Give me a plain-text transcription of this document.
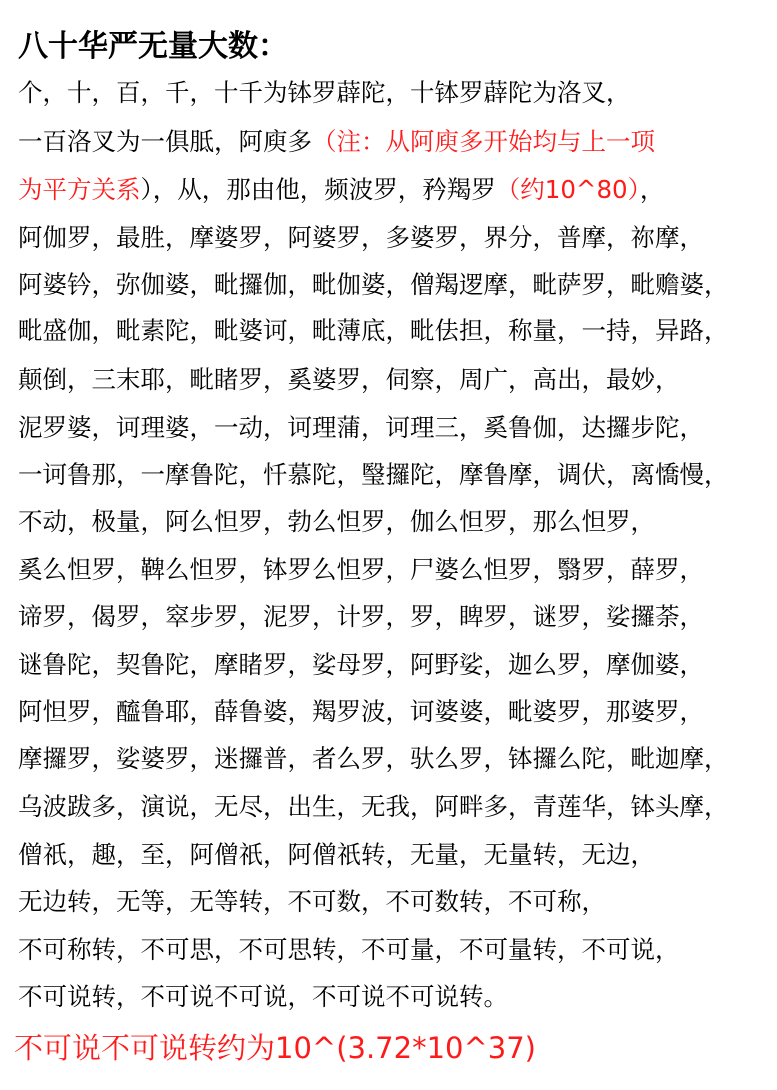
八十华严无量大数：
个，十，百，千，十千为钵罗薜陀，十钵罗薜陀为洛叉，
一百洛叉为一俱胝，阿庾多（注：从阿庾多开始均与上一项
为平方关系），从，那由他，频波罗，矜羯罗（约10^80），
阿伽罗，最胜，摩婆罗，阿婆罗，多婆罗，界分，普摩，祢摩，
阿婆钤，弥伽婆，毗攞伽，毗伽婆，僧羯逻摩，毗萨罗，毗赡婆，
毗盛伽，毗素陀，毗婆诃，毗薄底，毗佉担，称量，一持，异路，
颠倒，三末耶，毗睹罗，奚婆罗，伺察，周广，高出，最妙，
泥罗婆，诃理婆，一动，诃理蒲，诃理三，奚鲁伽，达攞步陀，
一诃鲁那，一摩鲁陀，忏慕陀，瑿攞陀，摩鲁摩，调伏，离憍慢，
不动，极量，阿么怛罗，勃么怛罗，伽么怛罗，那么怛罗，
奚么怛罗，鞞么怛罗，钵罗么怛罗，尸婆么怛罗，翳罗，薛罗，
谛罗，偈罗，窣步罗，泥罗，计罗，罗，睥罗，谜罗，娑攞荼，
谜鲁陀，契鲁陀，摩睹罗，娑母罗，阿野娑，迦么罗，摩伽婆，
阿怛罗，醯鲁耶，薛鲁婆，羯罗波，诃婆婆，毗婆罗，那婆罗，
摩攞罗，娑婆罗，迷攞普，者么罗，驮么罗，钵攞么陀，毗迦摩，
乌波跋多，演说，无尽，出生，无我，阿畔多，青莲华，钵头摩，
僧祇，趣，至，阿僧祇，阿僧祇转，无量，无量转，无边，
无边转，无等，无等转，不可数，不可数转，不可称，
不可称转，不可思，不可思转，不可量，不可量转，不可说，
不可说转，不可说不可说，不可说不可说转。
不可说不可说转约为10^(3.72*10^37)
